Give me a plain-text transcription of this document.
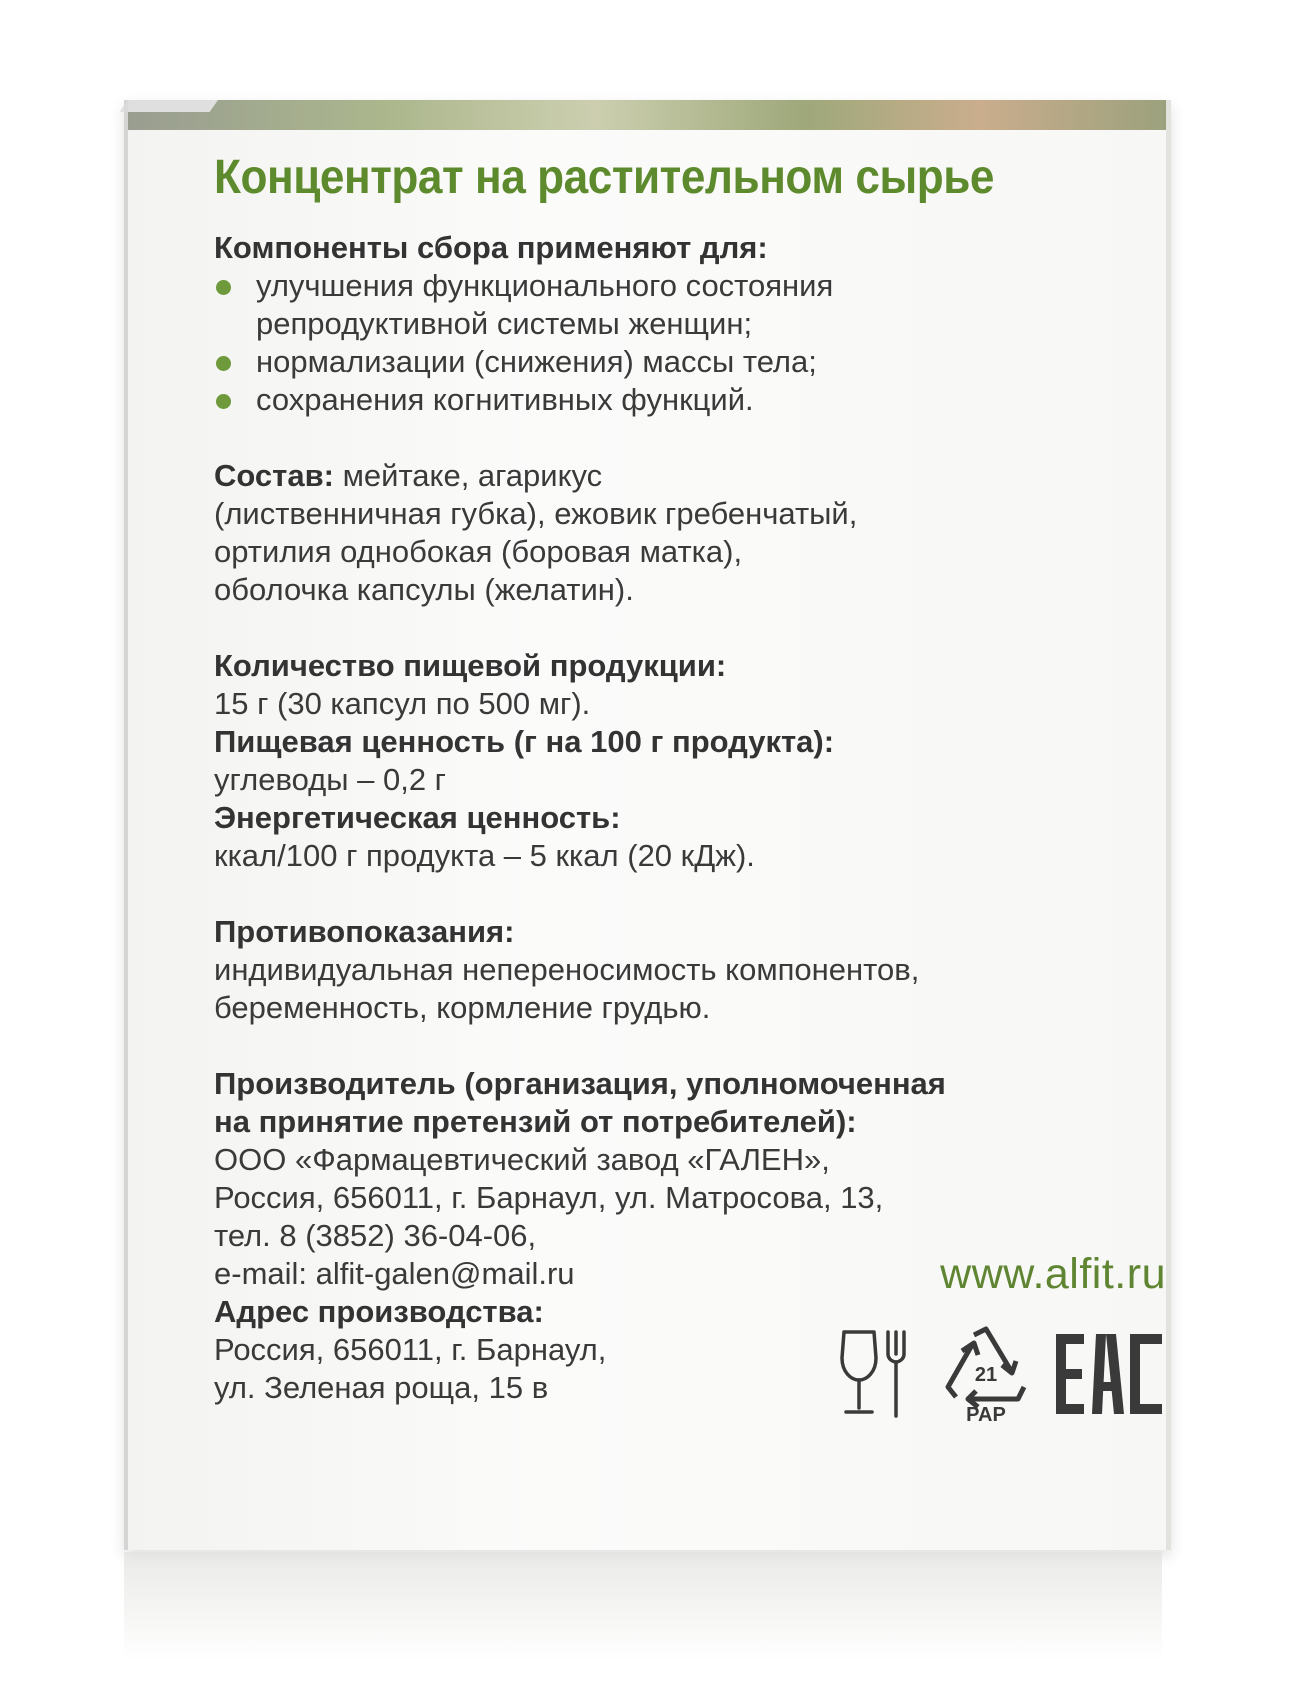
Концентрат на растительном сырье

Компоненты сбора применяют для:

улучшения функционального состояния

репродуктивной системы женщин;

нормализации (снижения) массы тела;

сохранения когнитивных функций.

Состав: мейтаке, агарикус

(лиственничная губка), ежовик гребенчатый,

ортилия однобокая (боровая матка),

оболочка капсулы (желатин).

Количество пищевой продукции:

15 г (30 капсул по 500 мг).

Пищевая ценность (г на 100 г продукта):

углеводы – 0,2 г

Энергетическая ценность:

ккал/100 г продукта – 5 ккал (20 кДж).

Противопоказания:

индивидуальная непереносимость компонентов,

беременность, кормление грудью.

Производитель (организация, уполномоченная

на принятие претензий от потребителей):

ООО «Фармацевтический завод «ГАЛЕН»,

Россия, 656011, г. Барнаул, ул. Матросова, 13,

тел. 8 (3852) 36-04-06,

e-mail: alfit-galen@mail.ru

Адрес производства:

Россия, 656011, г. Барнаул,

ул. Зеленая роща, 15 в

www.alfit.ru
21
PAP
